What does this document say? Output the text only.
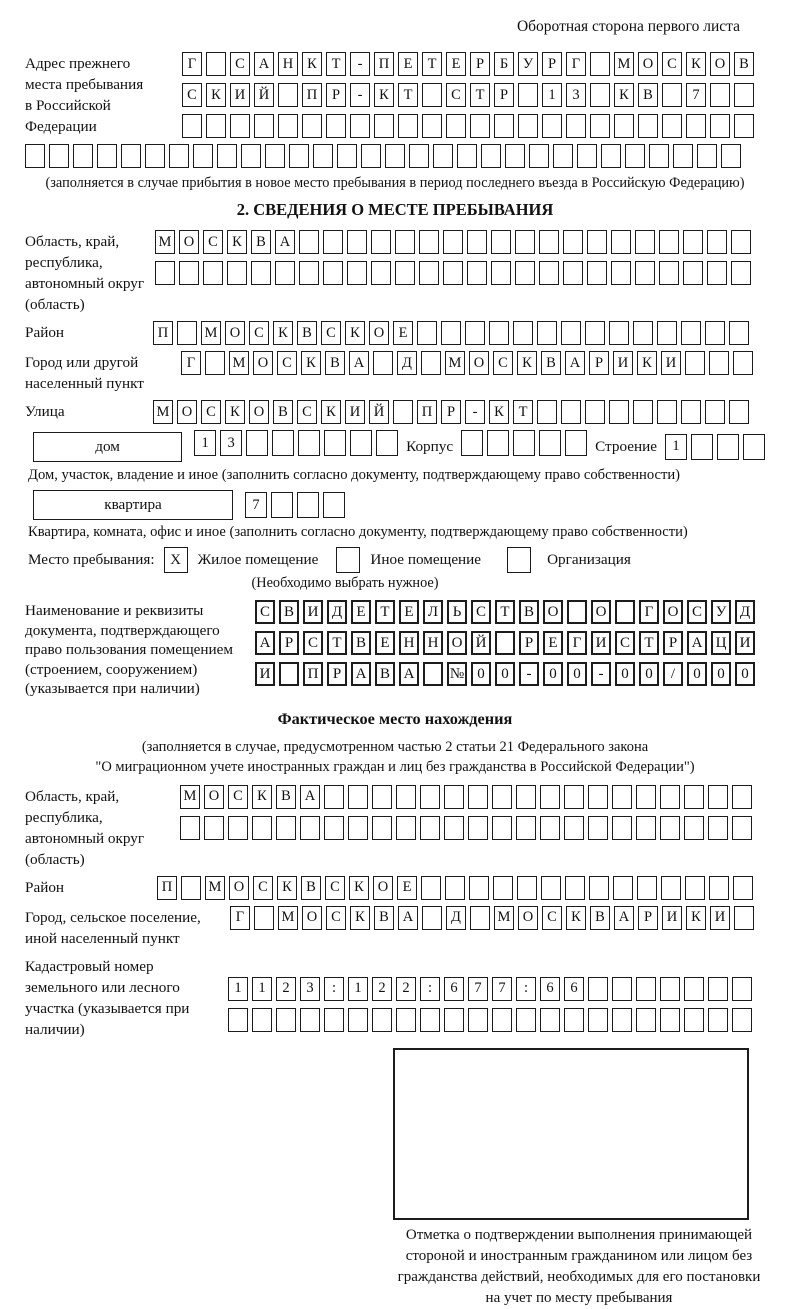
Оборотная сторона первого листа
Адрес прежнего места пребывания в Российской Федерации
Г	С А Н К	Т	-	П Е	Т	Е	Р	Б	У	Р	Г	М О С К О В
С К И Й	П	Р	-	К	Т	С	Т	Р	1	3	К В	7
(заполняется в случае прибытия в новое место пребывания в период последнего въезда в Российскую Федерацию)
2. СВЕДЕНИЯ О МЕСТЕ ПРЕБЫВАНИЯ
Область, край, республика, автономный округ (область)
М О С К В А
Район	П	М О С К В С К О Е
Город или другой населенный пункт
Г	М О С К В А	Д	М О С К В А	Р	И К И
Улица	М О С К О В С К И Й	П	Р	-	К	Т
дом	1	3	Корпус	Строение	1
Дом, участок, владение и иное (заполнить согласно документу, подтверждающему право собственности)
квартира	7
Квартира, комната, офис и иное (заполнить согласно документу, подтверждающему право собственности)
Место пребывания:	X	Жилое помещение	Иное помещение	Организация
(Необходимо выбрать нужное)
Наименование и реквизиты документа, подтверждающего право пользования помещением (строением, сооружением) (указывается при наличии)
С В И Д Е Т Е Л Ь С Т В О	О	Г О С У Д
А Р С Т В Е Н Н О Й	Р	Е	Г И С Т	Р А Ц И
И	П Р А В А	№ 0	0	-	0	0	-	0	0	/	0	0	0
Фактическое место нахождения
(заполняется в случае, предусмотренном частью 2 статьи 21 Федерального закона
"О миграционном учете иностранных граждан и лиц без гражданства в Российской Федерации")
Область, край, республика, автономный округ (область)
М О С К В А
Район	П	М О С К В С К О Е
Город, сельское поселение, иной населенный пункт
Г	М О С К В А	Д	М О С К В А	Р	И К И
Кадастровый номер земельного или лесного участка (указывается при наличии)
1	1	2	3	:	1	2	2	:	6	7	7	:	6	6
Отметка о подтверждении выполнения принимающей стороной и иностранным гражданином или лицом без гражданства действий, необходимых для его постановки на учет по месту пребывания
